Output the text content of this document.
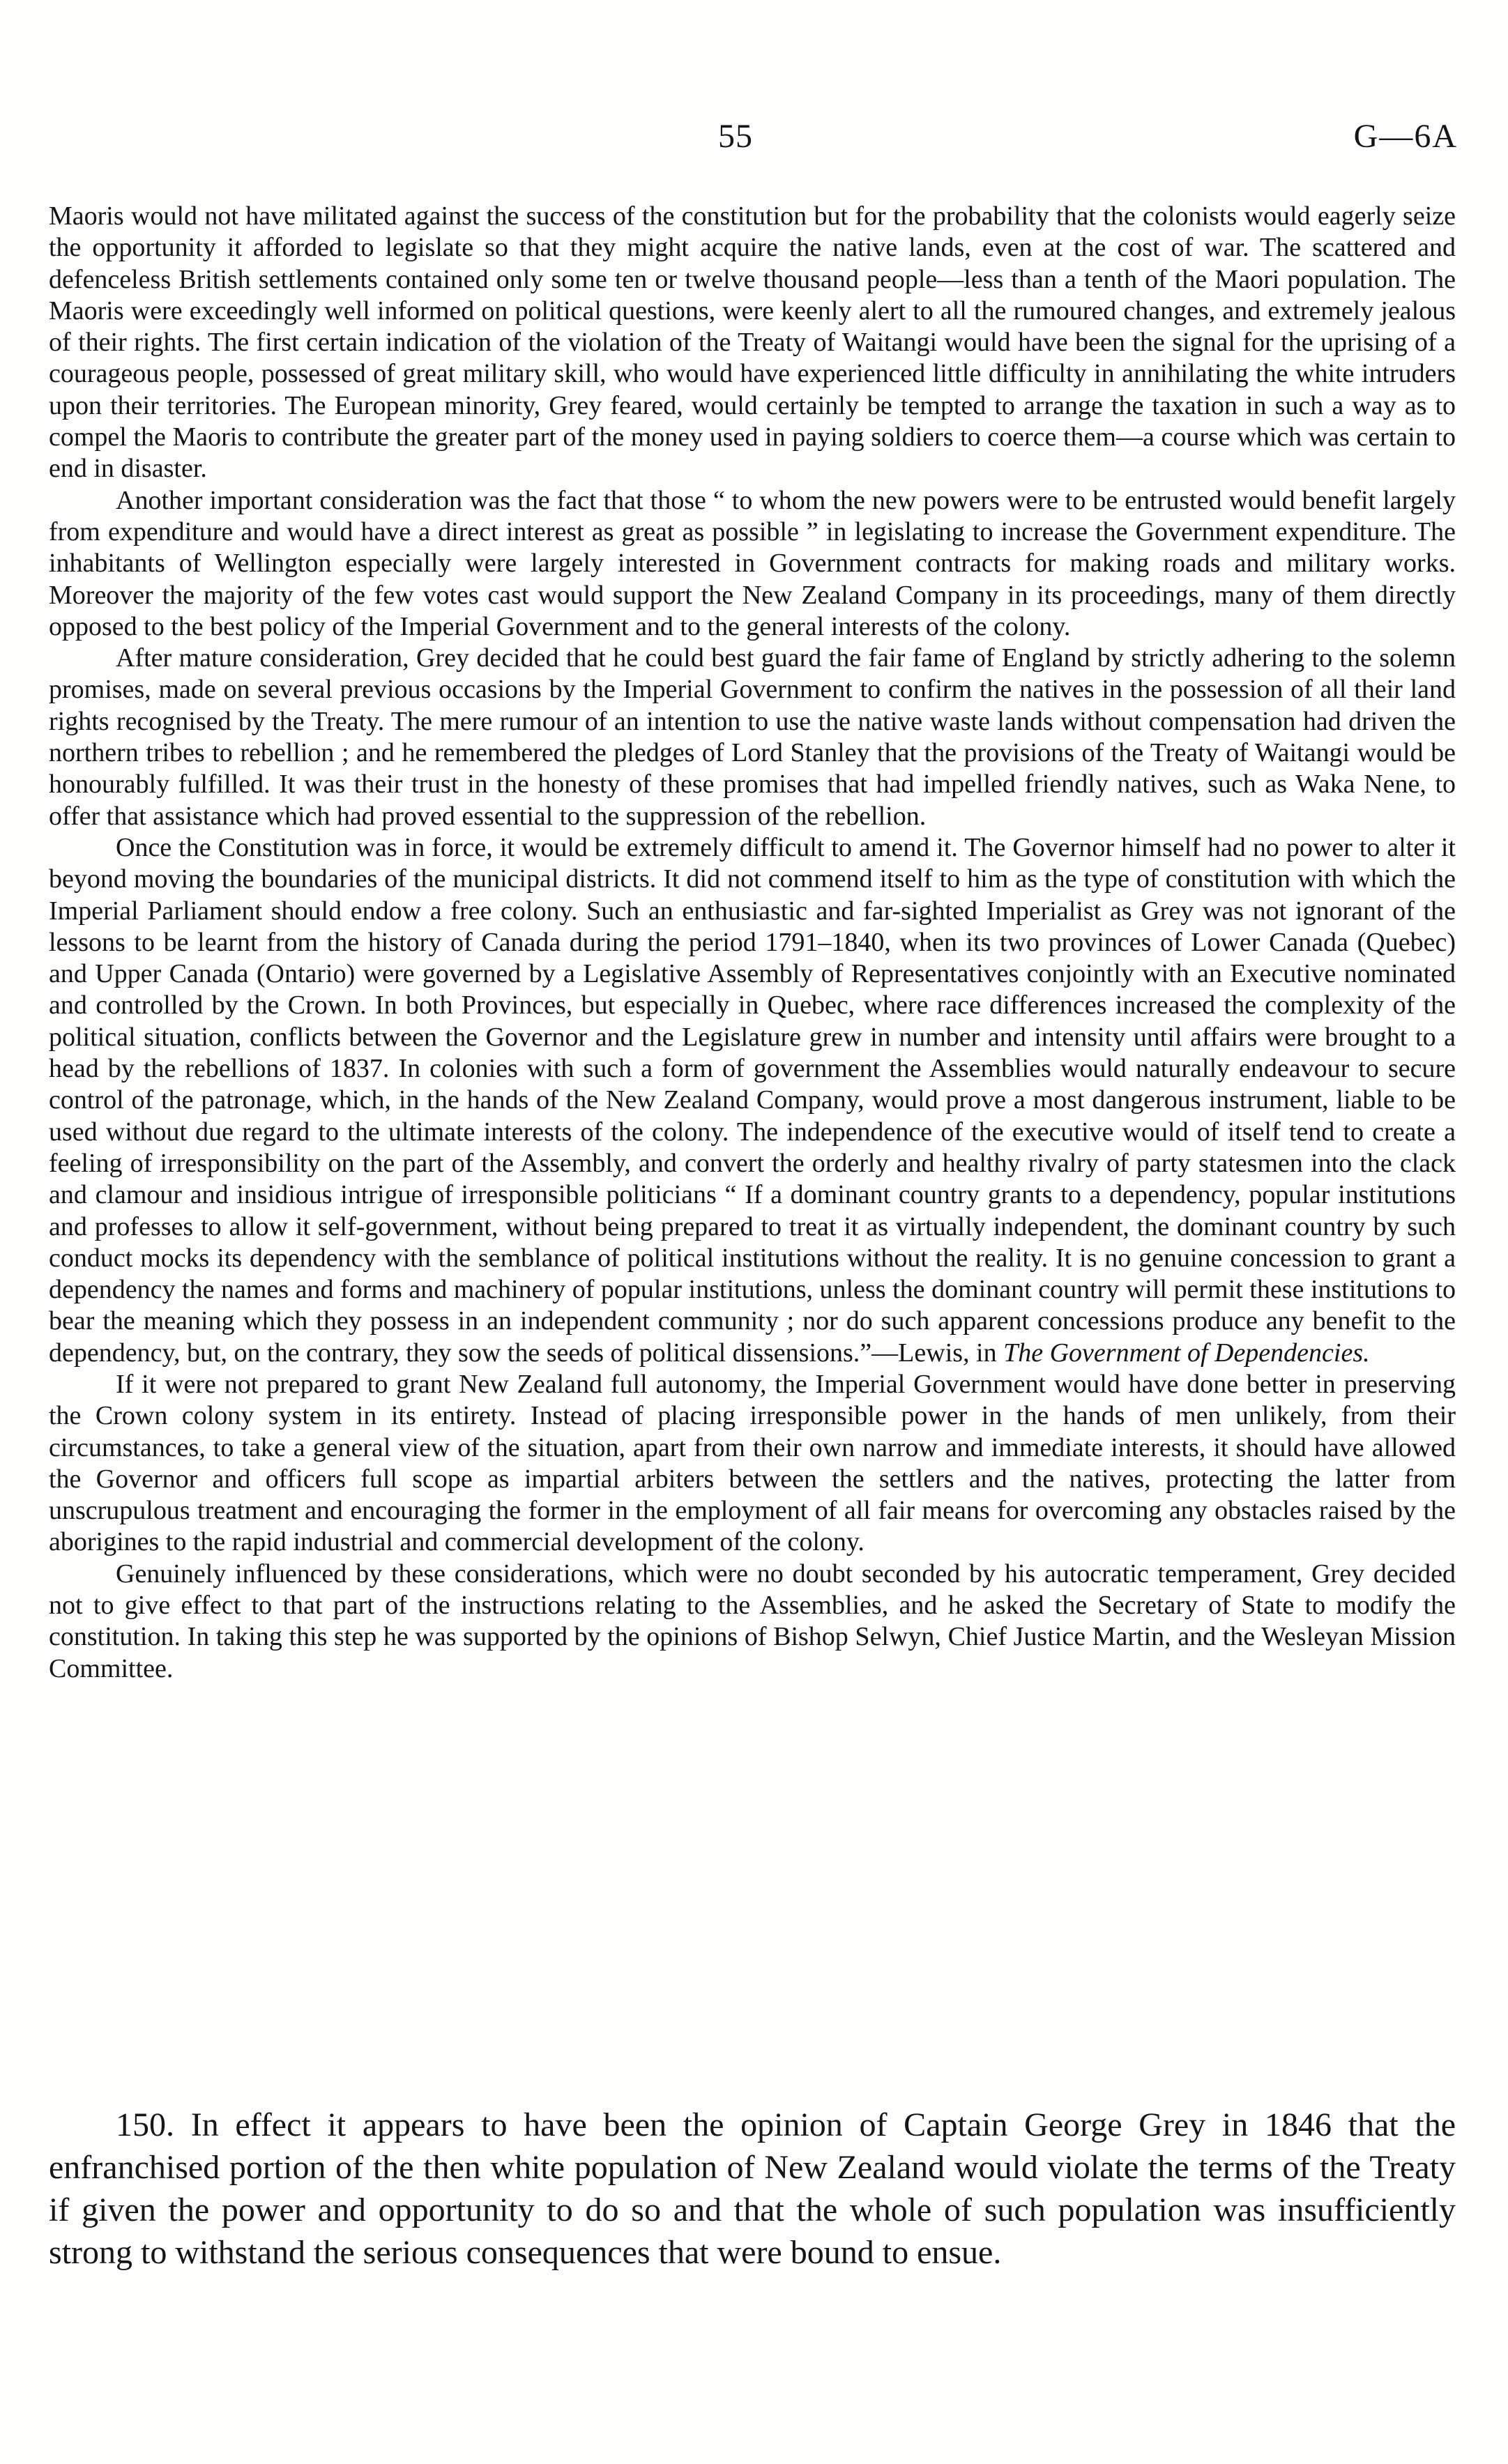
55	G—6A

Maoris would not have militated against the success of the constitution but for the probability that the colonists would eagerly seize the opportunity it afforded to legislate so that they might acquire the native lands, even at the cost of war. The scattered and defenceless British settlements contained only some ten or twelve thousand people—less than a tenth of the Maori population. The Maoris were exceedingly well informed on political questions, were keenly alert to all the rumoured changes, and extremely jealous of their rights. The first certain indication of the violation of the Treaty of Waitangi would have been the signal for the uprising of a courageous people, possessed of great military skill, who would have experienced little difficulty in annihilating the white intruders upon their territories. The European minority, Grey feared, would certainly be tempted to arrange the taxation in such a way as to compel the Maoris to contribute the greater part of the money used in paying soldiers to coerce them—a course which was certain to end in disaster.

Another important consideration was the fact that those “ to whom the new powers were to be entrusted would benefit largely from expenditure and would have a direct interest as great as possible ” in legislating to increase the Government expenditure. The inhabitants of Wellington especially were largely interested in Government contracts for making roads and military works. Moreover the majority of the few votes cast would support the New Zealand Company in its proceedings, many of them directly opposed to the best policy of the Imperial Government and to the general interests of the colony.

After mature consideration, Grey decided that he could best guard the fair fame of England by strictly adhering to the solemn promises, made on several previous occasions by the Imperial Government to confirm the natives in the possession of all their land rights recognised by the Treaty. The mere rumour of an intention to use the native waste lands without compensation had driven the northern tribes to rebellion ; and he remembered the pledges of Lord Stanley that the provisions of the Treaty of Waitangi would be honourably fulfilled. It was their trust in the honesty of these promises that had impelled friendly natives, such as Waka Nene, to offer that assistance which had proved essential to the suppression of the rebellion.

Once the Constitution was in force, it would be extremely difficult to amend it. The Governor himself had no power to alter it beyond moving the boundaries of the municipal districts. It did not commend itself to him as the type of constitution with which the Imperial Parliament should endow a free colony. Such an enthusiastic and far-sighted Imperialist as Grey was not ignorant of the lessons to be learnt from the history of Canada during the period 1791–1840, when its two provinces of Lower Canada (Quebec) and Upper Canada (Ontario) were governed by a Legislative Assembly of Representatives conjointly with an Executive nominated and controlled by the Crown. In both Provinces, but especially in Quebec, where race differences increased the complexity of the political situation, conflicts between the Governor and the Legislature grew in number and intensity until affairs were brought to a head by the rebellions of 1837. In colonies with such a form of government the Assemblies would naturally endeavour to secure control of the patronage, which, in the hands of the New Zealand Company, would prove a most dangerous instrument, liable to be used without due regard to the ultimate interests of the colony. The independence of the executive would of itself tend to create a feeling of irresponsibility on the part of the Assembly, and convert the orderly and healthy rivalry of party statesmen into the clack and clamour and insidious intrigue of irresponsible politicians “ If a dominant country grants to a dependency, popular institutions and professes to allow it self-government, without being prepared to treat it as virtually independent, the dominant country by such conduct mocks its dependency with the semblance of political institutions without the reality. It is no genuine concession to grant a dependency the names and forms and machinery of popular institutions, unless the dominant country will permit these institutions to bear the meaning which they possess in an independent community ; nor do such apparent concessions produce any benefit to the dependency, but, on the contrary, they sow the seeds of political dissensions.”—Lewis, in The Government of Dependencies.

If it were not prepared to grant New Zealand full autonomy, the Imperial Government would have done better in preserving the Crown colony system in its entirety. Instead of placing irresponsible power in the hands of men unlikely, from their circumstances, to take a general view of the situation, apart from their own narrow and immediate interests, it should have allowed the Governor and officers full scope as impartial arbiters between the settlers and the natives, protecting the latter from unscrupulous treatment and encouraging the former in the employment of all fair means for overcoming any obstacles raised by the aborigines to the rapid industrial and commercial development of the colony.

Genuinely influenced by these considerations, which were no doubt seconded by his autocratic temperament, Grey decided not to give effect to that part of the instructions relating to the Assemblies, and he asked the Secretary of State to modify the constitution. In taking this step he was supported by the opinions of Bishop Selwyn, Chief Justice Martin, and the Wesleyan Mission Committee.

150. In effect it appears to have been the opinion of Captain George Grey in 1846 that the enfranchised portion of the then white population of New Zealand would violate the terms of the Treaty if given the power and opportunity to do so and that the whole of such population was insufficiently strong to withstand the serious consequences that were bound to ensue.
